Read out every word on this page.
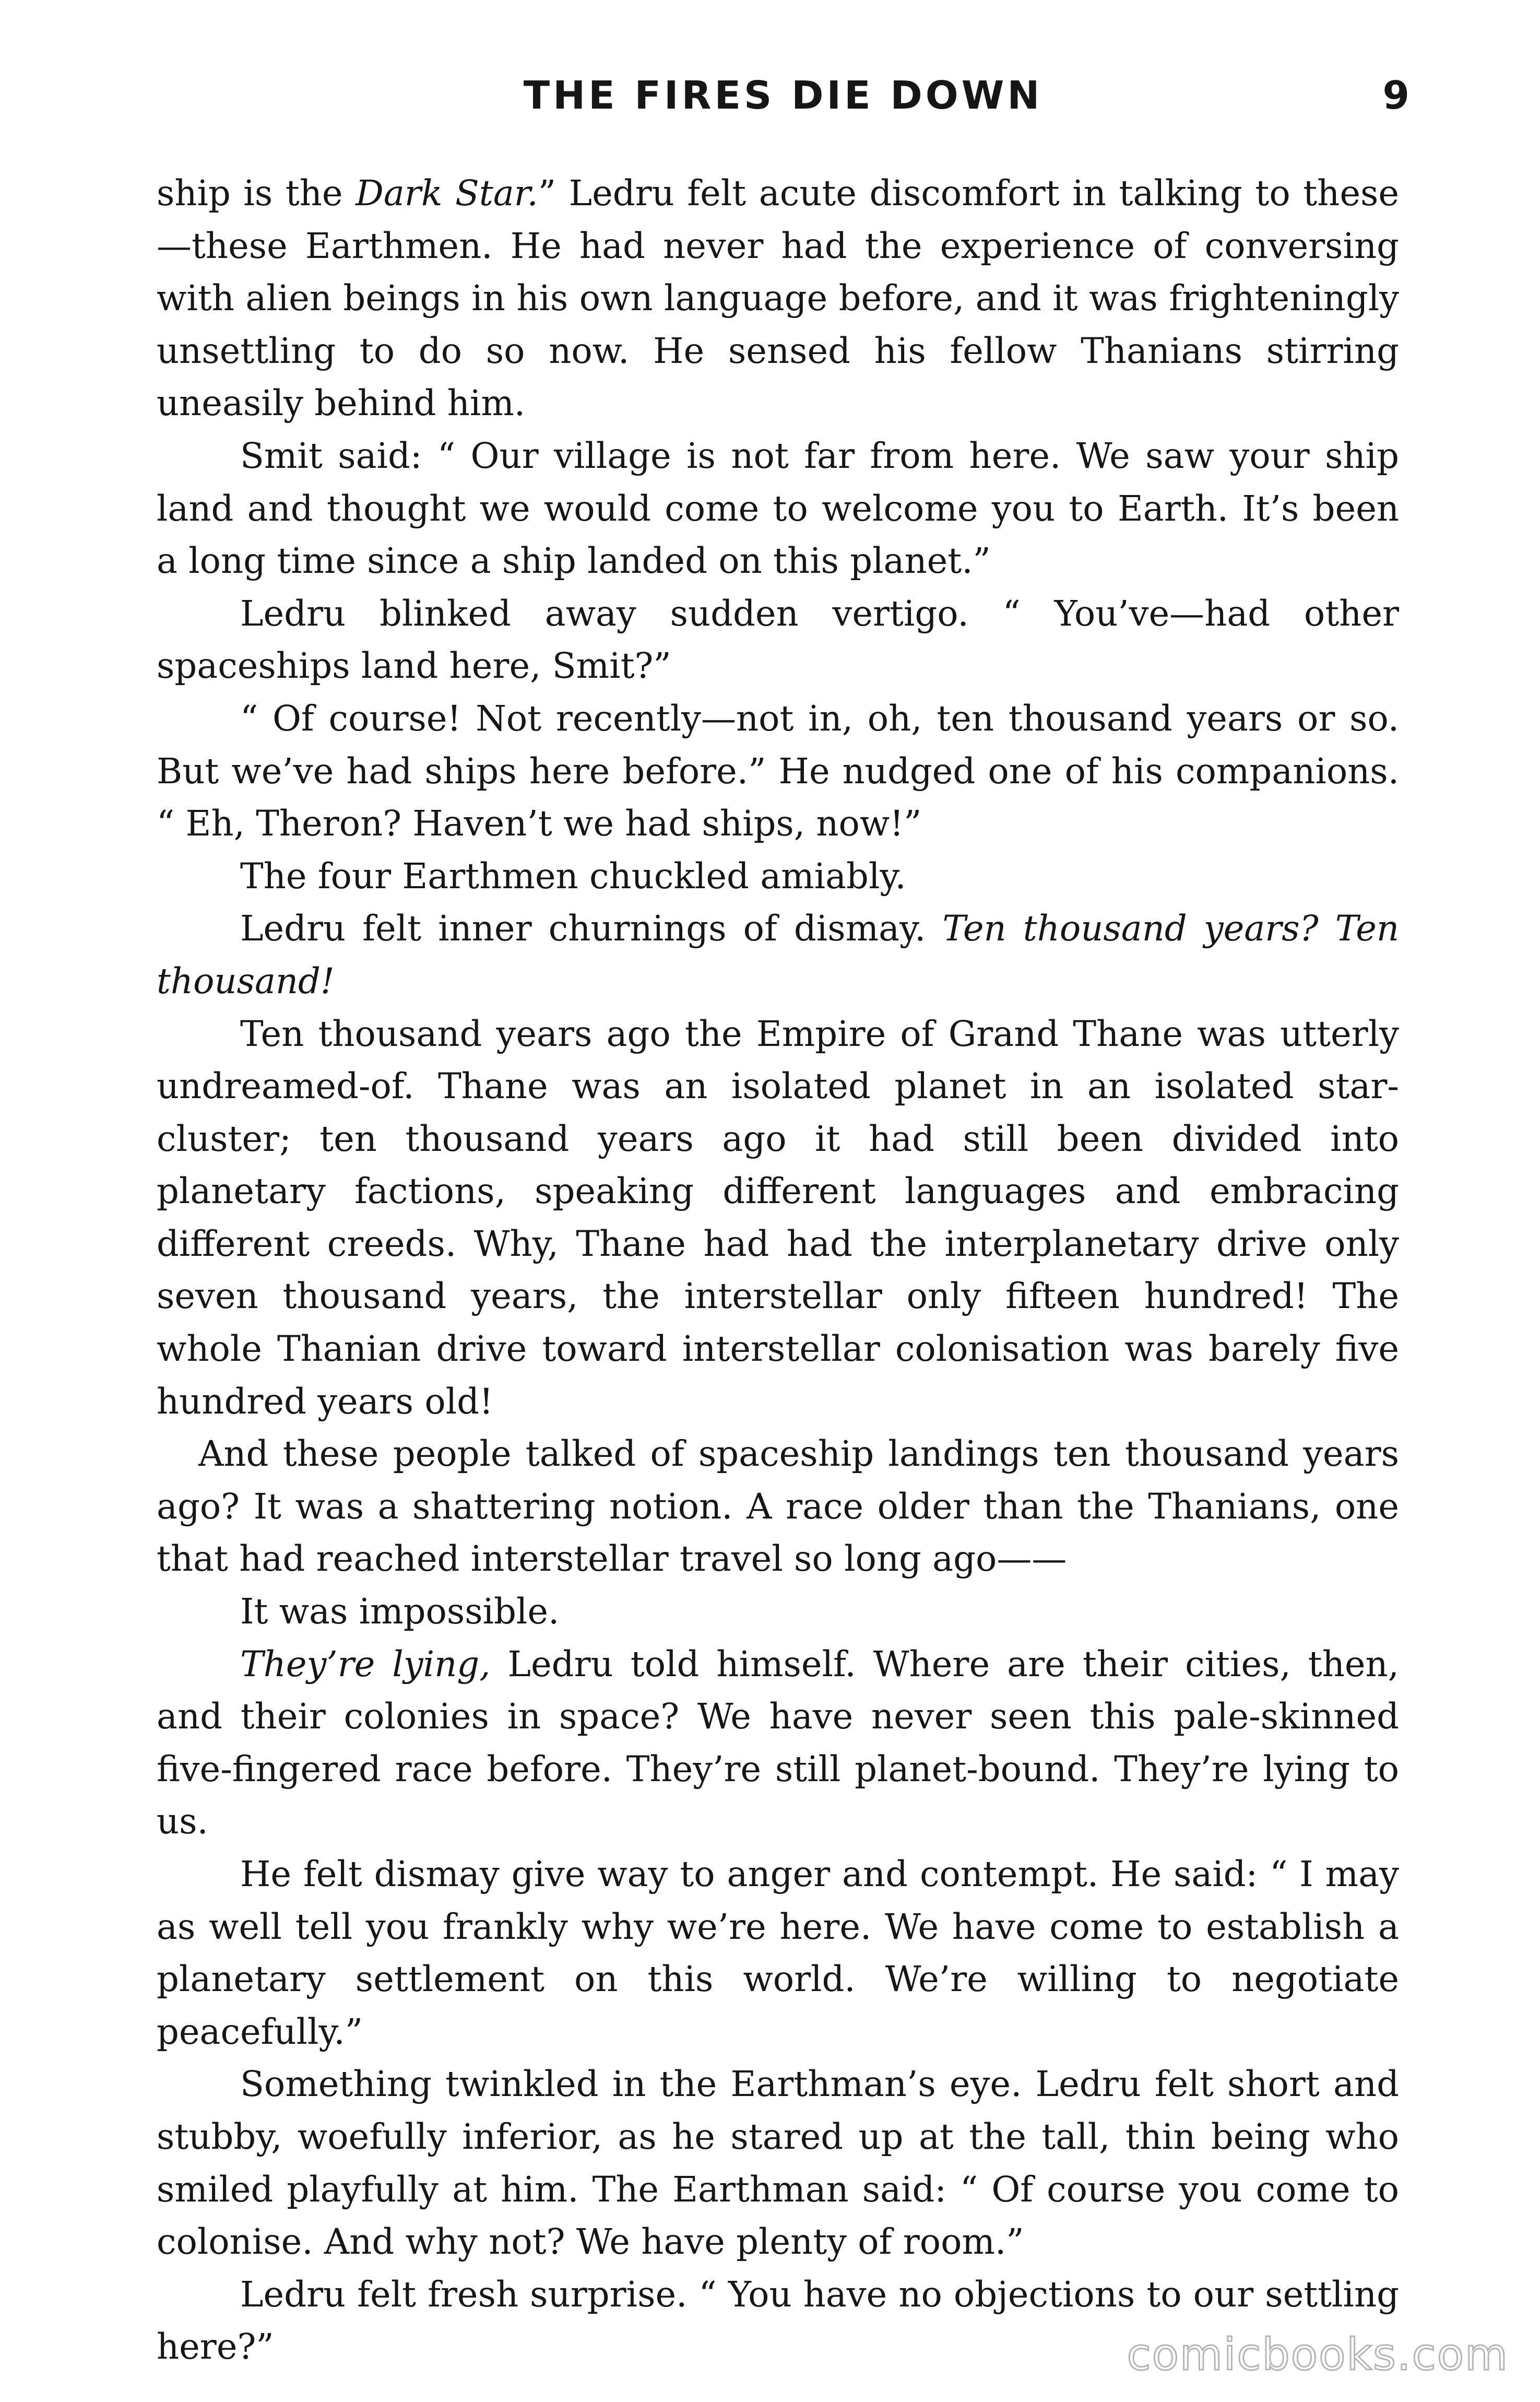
THE FIRES DIE DOWN	9

ship is the Dark Star.” Ledru felt acute discomfort in talking to these—these Earthmen. He had never had the experience of conversing with alien beings in his own language before, and it was frighteningly unsettling to do so now. He sensed his fellow Thanians stirring uneasily behind him.

Smit said: “ Our village is not far from here. We saw your ship land and thought we would come to welcome you to Earth. It’s been a long time since a ship landed on this planet.”

Ledru blinked away sudden vertigo. “ You’ve—had other spaceships land here, Smit?”

“ Of course! Not recently—not in, oh, ten thousand years or so. But we’ve had ships here before.” He nudged one of his companions. “ Eh, Theron? Haven’t we had ships, now!”

The four Earthmen chuckled amiably.

Ledru felt inner churnings of dismay. Ten thousand years? Ten thousand!

Ten thousand years ago the Empire of Grand Thane was utterly undreamed-of. Thane was an isolated planet in an isolated star-cluster; ten thousand years ago it had still been divided into planetary factions, speaking different languages and embracing different creeds. Why, Thane had had the interplanetary drive only seven thousand years, the interstellar only fifteen hundred! The whole Thanian drive toward interstellar colonisation was barely five hundred years old!

And these people talked of spaceship landings ten thousand years ago? It was a shattering notion. A race older than the Thanians, one that had reached interstellar travel so long ago——

It was impossible.

They’re lying, Ledru told himself. Where are their cities, then, and their colonies in space? We have never seen this pale-skinned five-fingered race before. They’re still planet-bound. They’re lying to us.

He felt dismay give way to anger and contempt. He said: “ I may as well tell you frankly why we’re here. We have come to establish a planetary settlement on this world. We’re willing to negotiate peacefully.”

Something twinkled in the Earthman’s eye. Ledru felt short and stubby, woefully inferior, as he stared up at the tall, thin being who smiled playfully at him. The Earthman said: “ Of course you come to colonise. And why not? We have plenty of room.”

Ledru felt fresh surprise. “ You have no objections to our settling here?”	comicbooks.com
